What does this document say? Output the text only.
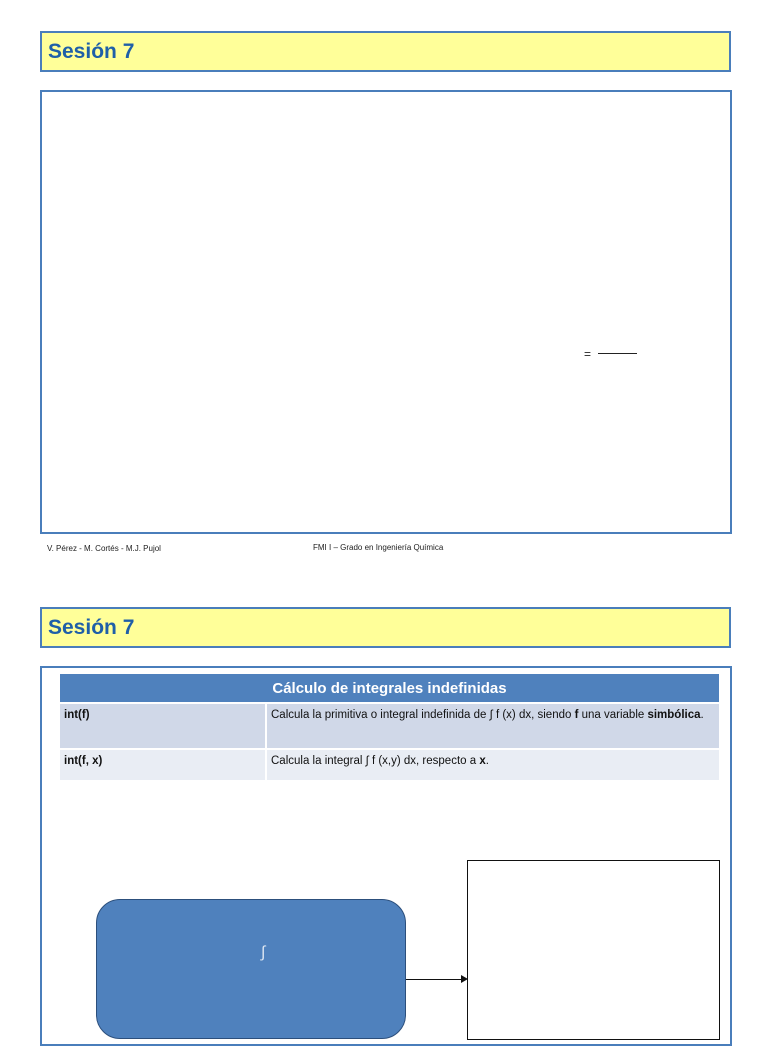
Sesión 7
=
V. Pérez - M. Cortés - M.J. Pujol	FMI I – Grado en Ingeniería Química
Sesión 7
Cálculo de integrales indefinidas	
int(f)	Calcula la primitiva o integral indefinida de ∫ f (x) dx, siendo f una variable simbólica.
int(f, x)	Calcula la integral ∫ f (x,y) dx, respecto a x.
∫
